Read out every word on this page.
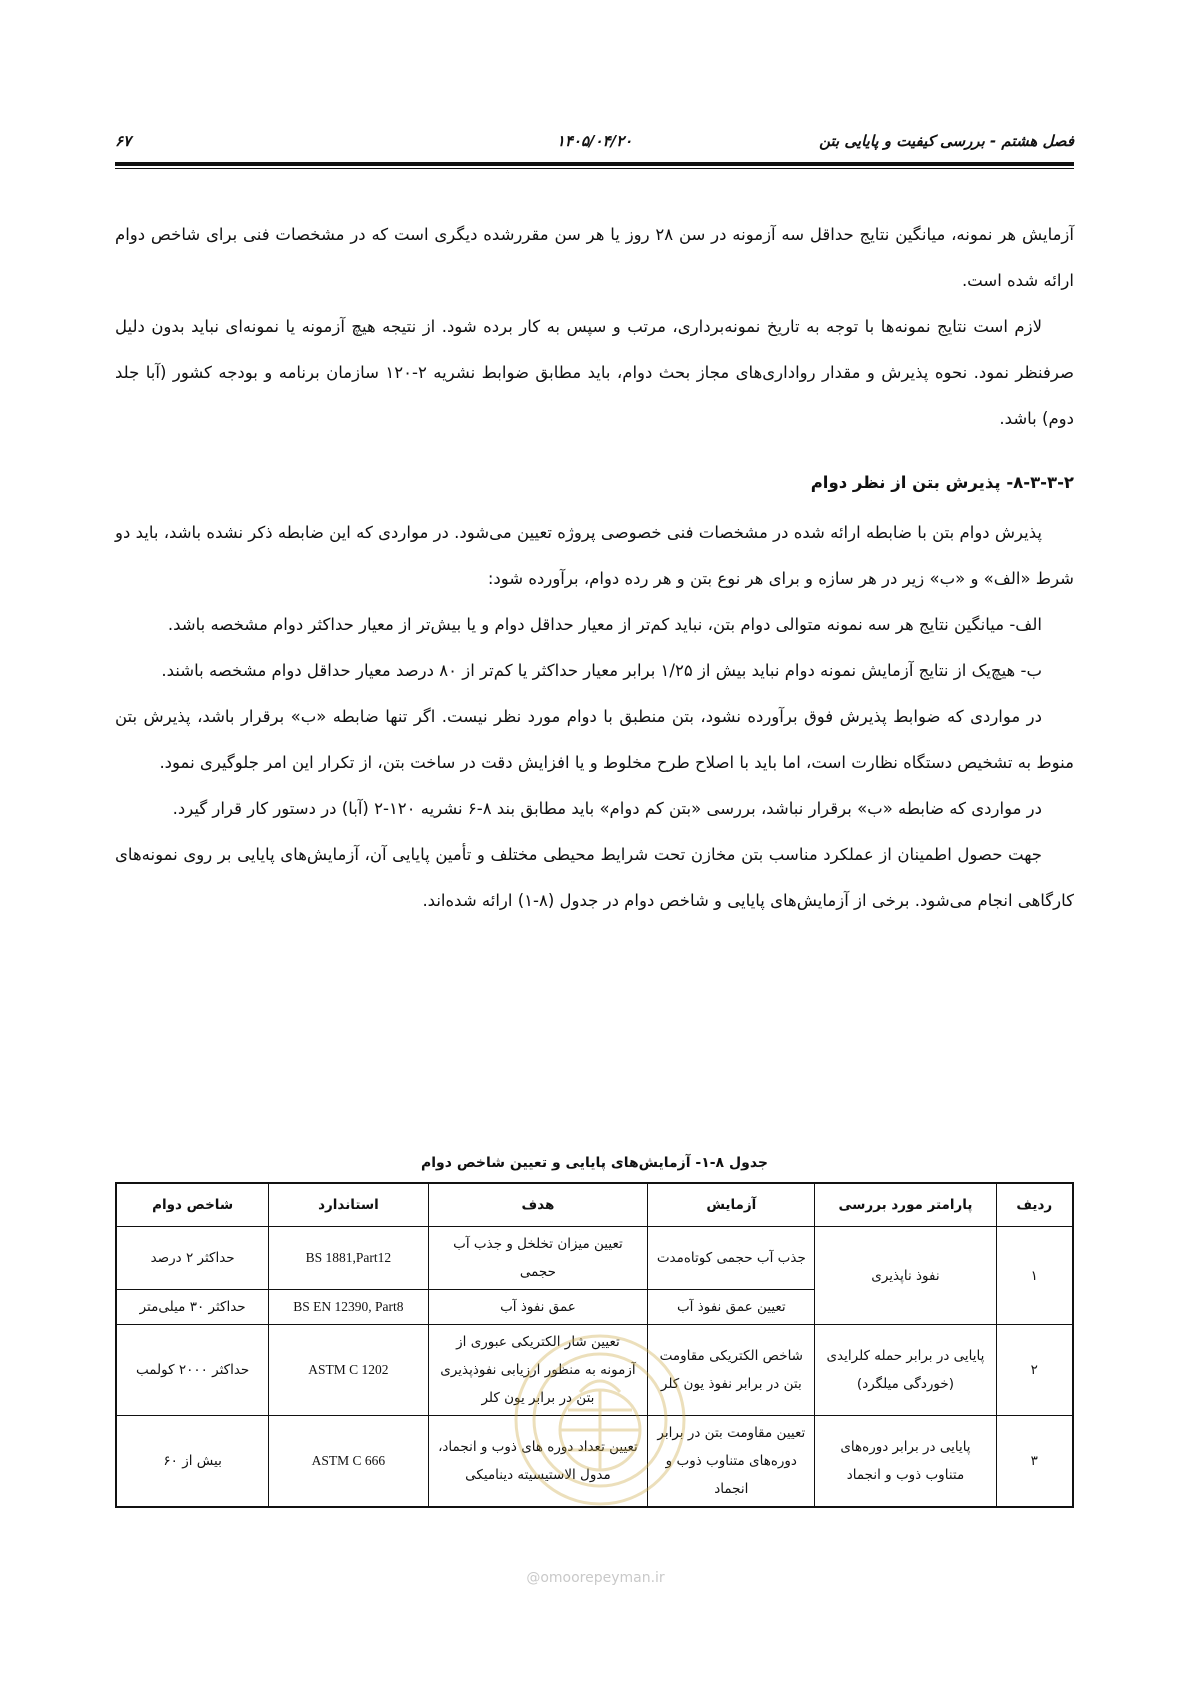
فصل هشتم - بررسی کیفیت و پایایی بتن
۱۴۰۵/۰۴/۲۰
۶۷

آزمایش هر نمونه، میانگین نتایج حداقل سه آزمونه در سن ۲۸ روز یا هر سن مقررشده دیگری است که در مشخصات فنی برای شاخص دوام ارائه شده است.

لازم است نتایج نمونه‌ها با توجه به تاریخ نمونه‌برداری، مرتب و سپس به کار برده شود. از نتیجه هیچ آزمونه یا نمونه‌ای نباید بدون دلیل صرفنظر نمود. نحوه پذیرش و مقدار رواداری‌های مجاز بحث دوام، باید مطابق ضوابط نشریه ۲-۱۲۰ سازمان برنامه و بودجه کشور (آبا جلد دوم) باشد.

۸-۳-۳-۲- پذیرش بتن از نظر دوام

پذیرش دوام بتن با ضابطه ارائه شده در مشخصات فنی خصوصی پروژه تعیین می‌شود. در مواردی که این ضابطه ذکر نشده باشد، باید دو شرط «الف» و «ب» زیر در هر سازه و برای هر نوع بتن و هر رده دوام، برآورده شود:

الف- میانگین نتایج هر سه نمونه متوالی دوام بتن، نباید کم‌تر از معیار حداقل دوام و یا بیش‌تر از معیار حداکثر دوام مشخصه باشد.

ب- هیچ‌یک از نتایج آزمایش نمونه دوام نباید بیش از ۱/۲۵ برابر معیار حداکثر یا کم‌تر از ۸۰ درصد معیار حداقل دوام مشخصه باشند.

در مواردی که ضوابط پذیرش فوق برآورده نشود، بتن منطبق با دوام مورد نظر نیست. اگر تنها ضابطه «ب» برقرار باشد، پذیرش بتن منوط به تشخیص دستگاه نظارت است، اما باید با اصلاح طرح مخلوط و یا افزایش دقت در ساخت بتن، از تکرار این امر جلوگیری نمود.

در مواردی که ضابطه «ب» برقرار نباشد، بررسی «بتن کم دوام» باید مطابق بند ۸-۶ نشریه ۱۲۰-۲ (آبا) در دستور کار قرار گیرد.

جهت حصول اطمینان از عملکرد مناسب بتن مخازن تحت شرایط محیطی مختلف و تأمین پایایی آن، آزمایش‌های پایایی بر روی نمونه‌های کارگاهی انجام می‌شود. برخی از آزمایش‌های پایایی و شاخص دوام در جدول (۸-۱) ارائه شده‌اند.

جدول ۸-۱- آزمایش‌های پایایی و تعیین شاخص دوام
ردیف	پارامتر مورد بررسی	آزمایش	هدف	استاندارد	شاخص دوام
۱	نفوذ ناپذیری	جذب آب حجمی کوتاه‌مدت	تعیین میزان تخلخل و جذب آب حجمی	BS 1881,Part12	حداکثر ۲ درصد
		تعیین عمق نفوذ آب	عمق نفوذ آب	BS EN 12390, Part8	حداکثر ۳۰ میلی‌متر
۲	پایایی در برابر حمله کلرایدی (خوردگی میلگرد)	شاخص الکتریکی مقاومت بتن در برابر نفوذ یون کلر	تعیین شار الکتریکی عبوری از آزمونه به منظور ارزیابی نفوذپذیری بتن در برابر یون کلر	ASTM C 1202	حداکثر ۲۰۰۰ کولمب
۳	پایایی در برابر دوره‌های متناوب ذوب و انجماد	تعیین مقاومت بتن در برابر دوره‌های متناوب ذوب و انجماد	تعیین تعداد دوره های ذوب و انجماد، مدول الاستیسیته دینامیکی	ASTM C 666	بیش از ۶۰
@omoorepeyman.ir
